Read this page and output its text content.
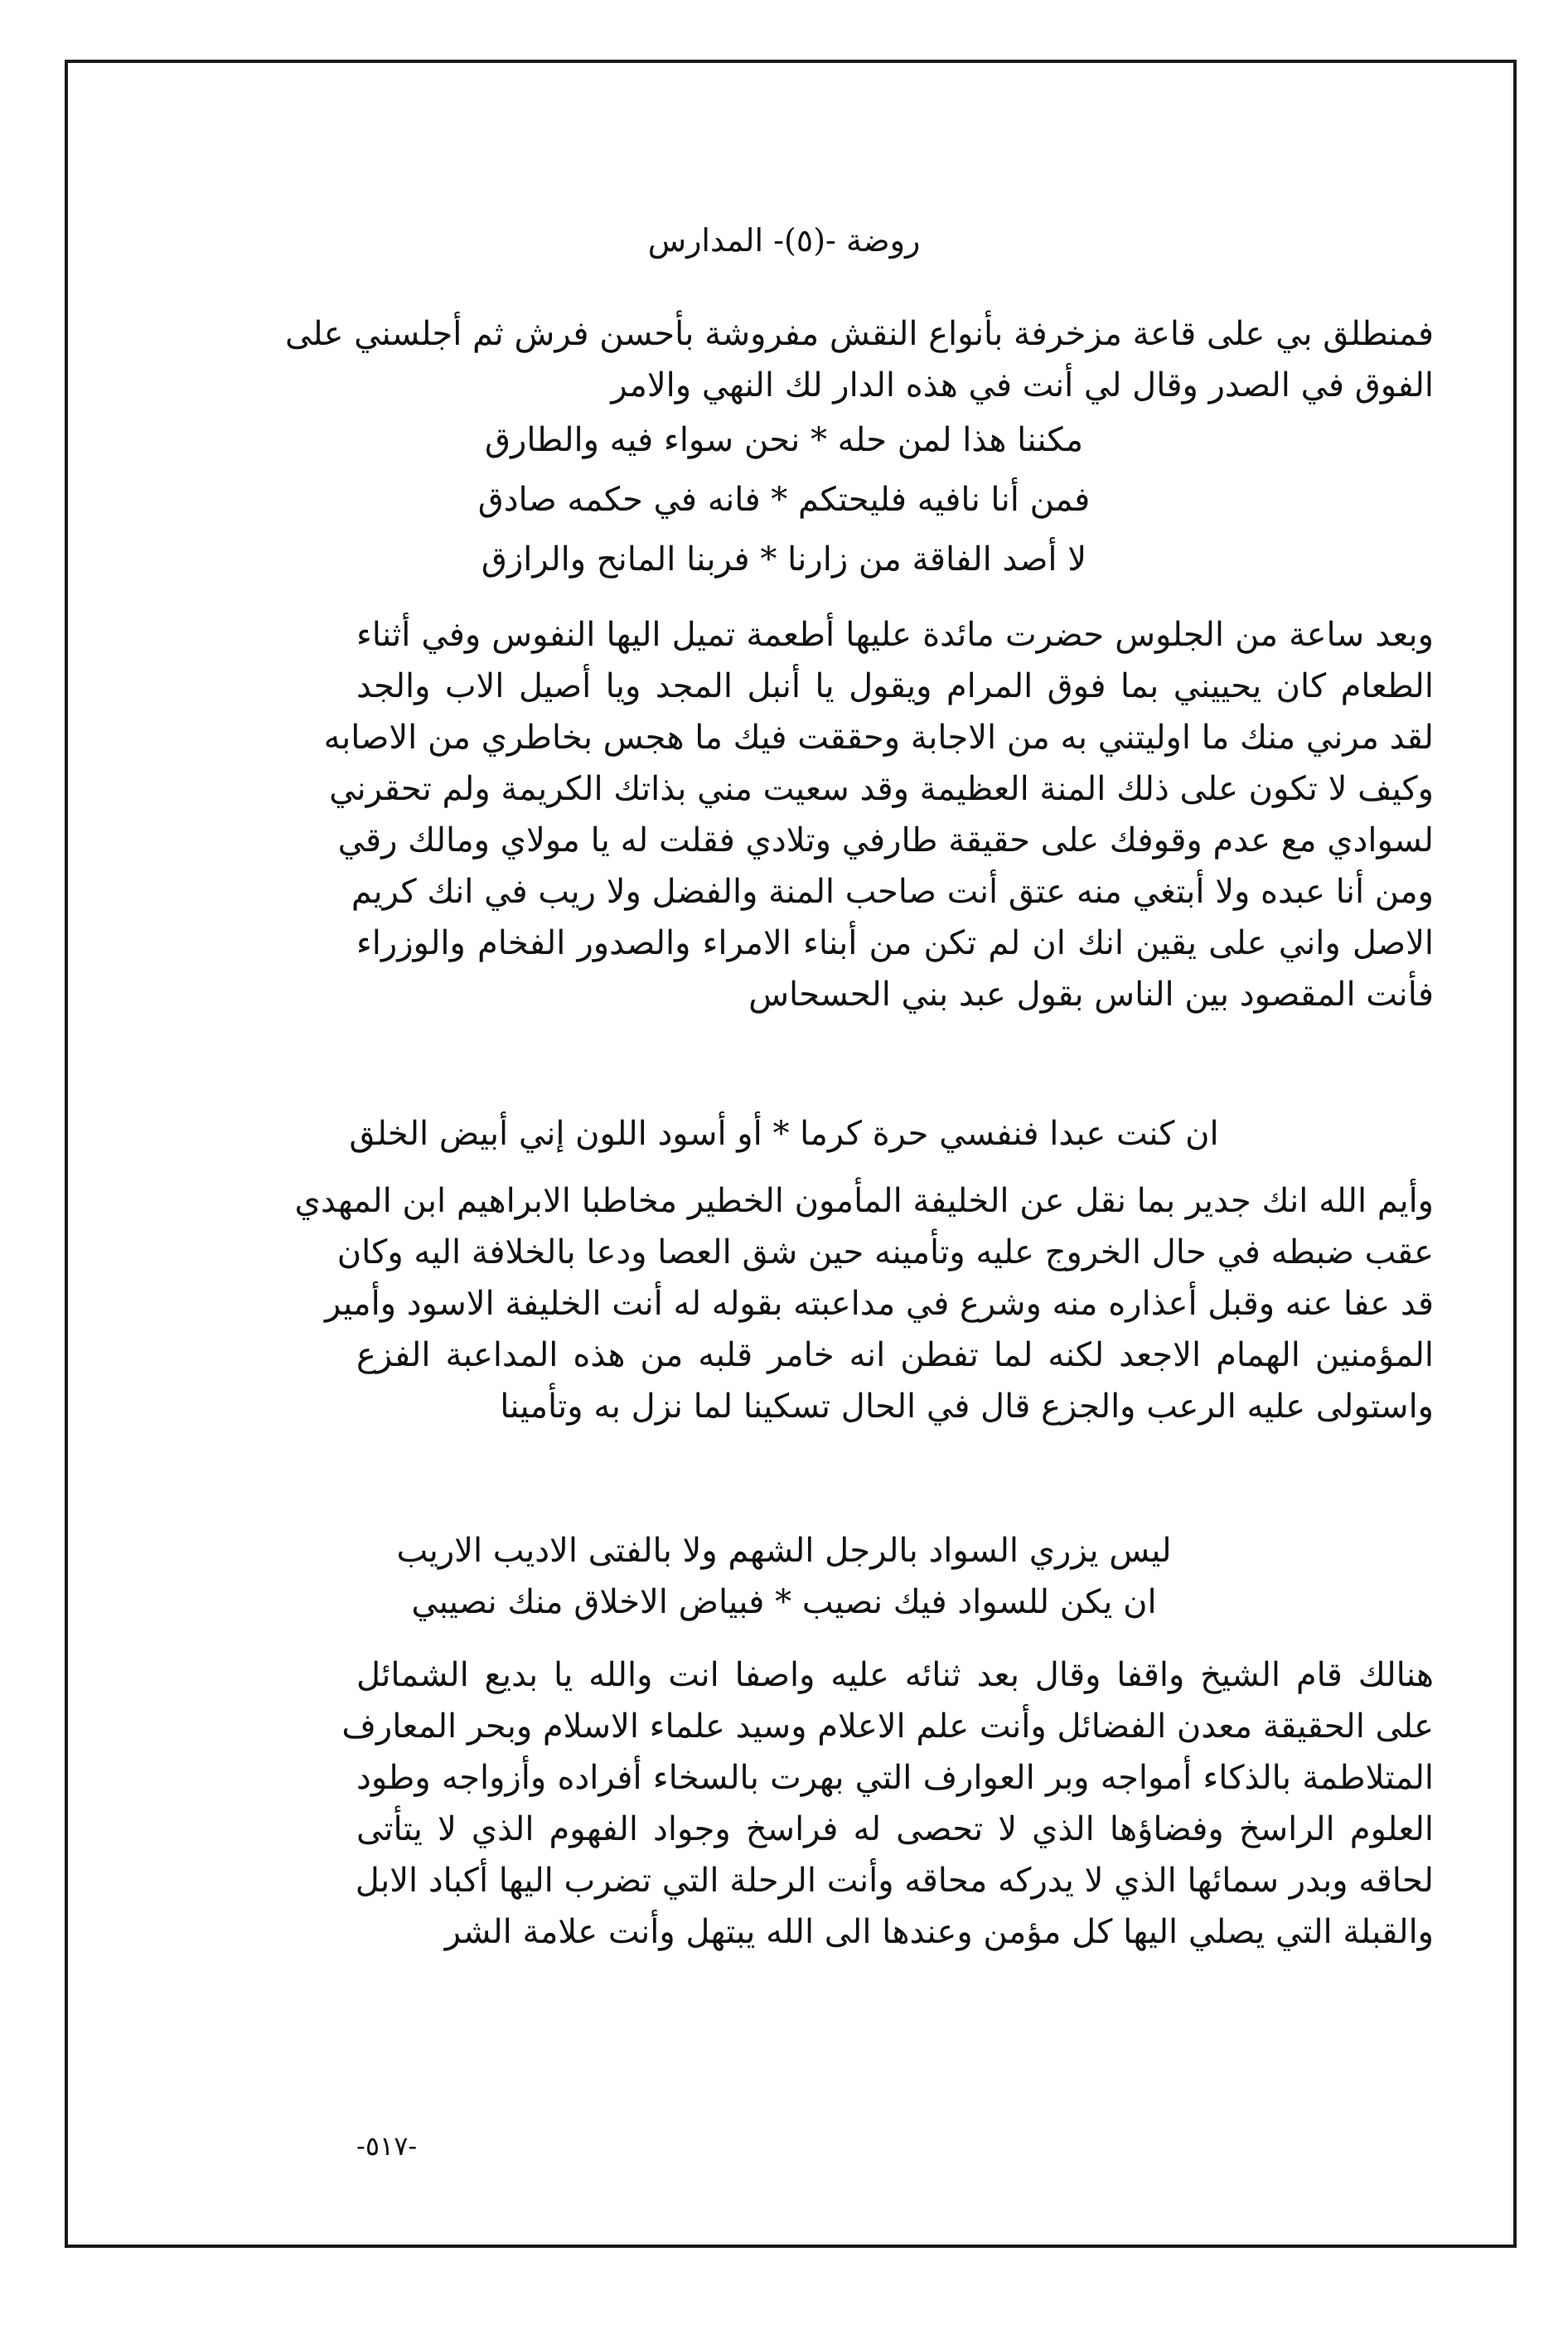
روضة -(٥)- المدارس
فمنطلق بي على قاعة مزخرفة بأنواع النقش مفروشة بأحسن فرش ثم أجلسني على
الفوق في الصدر وقال لي أنت في هذه الدار لك النهي والامر
مكننا هذا لمن حله * نحن سواء فيه والطارق
فمن أنا نافيه فليحتكم * فانه في حكمه صادق
لا أصد الفاقة من زارنا * فربنا المانح والرازق
وبعد ساعة من الجلوس حضرت مائدة عليها أطعمة تميل اليها النفوس وفي أثناء
الطعام كان يحييني بما فوق المرام ويقول يا أنبل المجد ويا أصيل الاب والجد
لقد مرني منك ما اوليتني به من الاجابة وحققت فيك ما هجس بخاطري من الاصابه
وكيف لا تكون على ذلك المنة العظيمة وقد سعيت مني بذاتك الكريمة ولم تحقرني
لسوادي مع عدم وقوفك على حقيقة طارفي وتلادي فقلت له يا مولاي ومالك رقي
ومن أنا عبده ولا أبتغي منه عتق أنت صاحب المنة والفضل ولا ريب في انك كريم
الاصل واني على يقين انك ان لم تكن من أبناء الامراء والصدور الفخام والوزراء
فأنت المقصود بين الناس بقول عبد بني الحسحاس
ان كنت عبدا فنفسي حرة كرما * أو أسود اللون إني أبيض الخلق
وأيم الله انك جدير بما نقل عن الخليفة المأمون الخطير مخاطبا الابراهيم ابن المهدي
عقب ضبطه في حال الخروج عليه وتأمينه حين شق العصا ودعا بالخلافة اليه وكان
قد عفا عنه وقبل أعذاره منه وشرع في مداعبته بقوله له أنت الخليفة الاسود وأمير
المؤمنين الهمام الاجعد لكنه لما تفطن انه خامر قلبه من هذه المداعبة الفزع
واستولى عليه الرعب والجزع قال في الحال تسكينا لما نزل به وتأمينا
ليس يزري السواد بالرجل الشهم ولا بالفتى الاديب الاريب
ان يكن للسواد فيك نصيب * فبياض الاخلاق منك نصيبي
هنالك قام الشيخ واقفا وقال بعد ثنائه عليه واصفا انت والله يا بديع الشمائل
على الحقيقة معدن الفضائل وأنت علم الاعلام وسيد علماء الاسلام وبحر المعارف
المتلاطمة بالذكاء أمواجه وبر العوارف التي بهرت بالسخاء أفراده وأزواجه وطود
العلوم الراسخ وفضاؤها الذي لا تحصى له فراسخ وجواد الفهوم الذي لا يتأتى
لحاقه وبدر سمائها الذي لا يدركه محاقه وأنت الرحلة التي تضرب اليها أكباد الابل
والقبلة التي يصلي اليها كل مؤمن وعندها الى الله يبتهل وأنت علامة الشر
-٥١٧-
